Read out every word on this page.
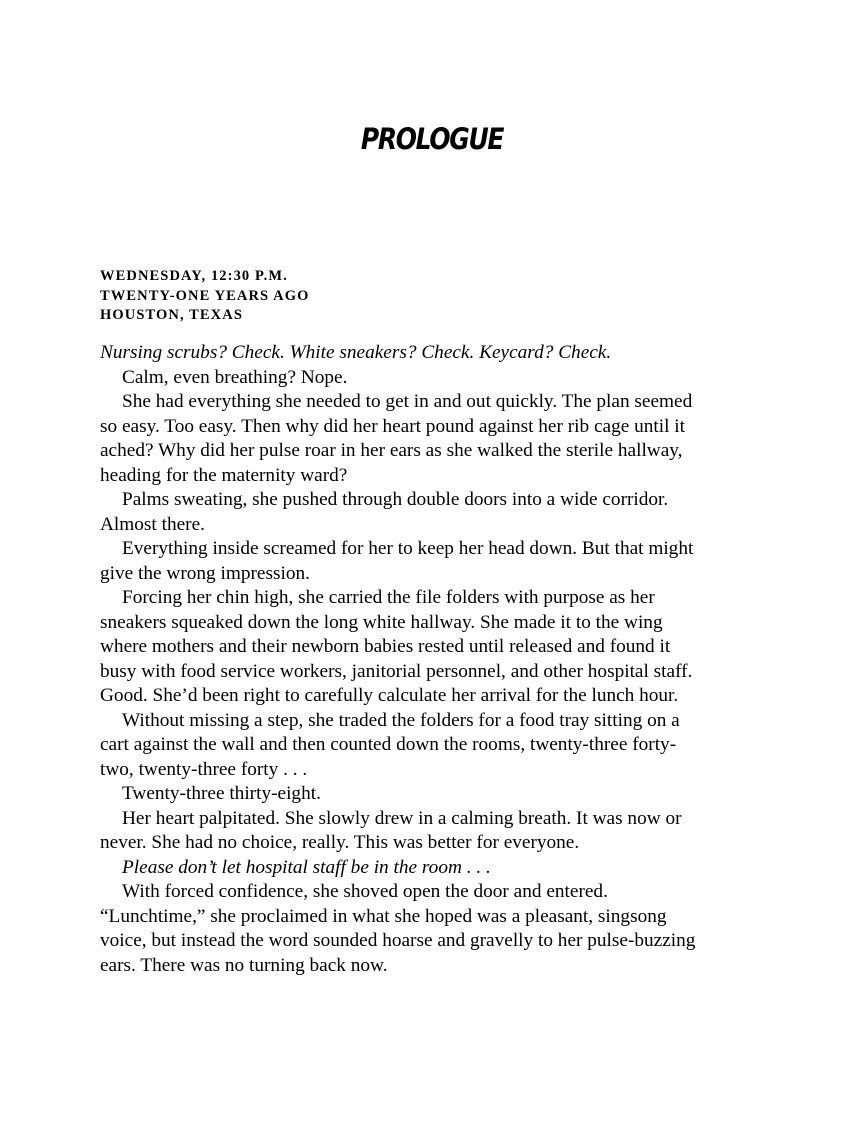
PROLOGUE
WEDNESDAY, 12:30 P.M.
TWENTY-ONE YEARS AGO
HOUSTON, TEXAS

Nursing scrubs? Check. White sneakers? Check. Keycard? Check.

Calm, even breathing? Nope.

She had everything she needed to get in and out quickly. The plan seemed
so easy. Too easy. Then why did her heart pound against her rib cage until it
ached? Why did her pulse roar in her ears as she walked the sterile hallway,
heading for the maternity ward?

Palms sweating, she pushed through double doors into a wide corridor.
Almost there.

Everything inside screamed for her to keep her head down. But that might
give the wrong impression.

Forcing her chin high, she carried the file folders with purpose as her
sneakers squeaked down the long white hallway. She made it to the wing
where mothers and their newborn babies rested until released and found it
busy with food service workers, janitorial personnel, and other hospital staff.
Good. She’d been right to carefully calculate her arrival for the lunch hour.

Without missing a step, she traded the folders for a food tray sitting on a
cart against the wall and then counted down the rooms, twenty-three forty-
two, twenty-three forty . . .

Twenty-three thirty-eight.

Her heart palpitated. She slowly drew in a calming breath. It was now or
never. She had no choice, really. This was better for everyone.

Please don’t let hospital staff be in the room . . .

With forced confidence, she shoved open the door and entered.

“Lunchtime,” she proclaimed in what she hoped was a pleasant, singsong
voice, but instead the word sounded hoarse and gravelly to her pulse-buzzing
ears. There was no turning back now.
